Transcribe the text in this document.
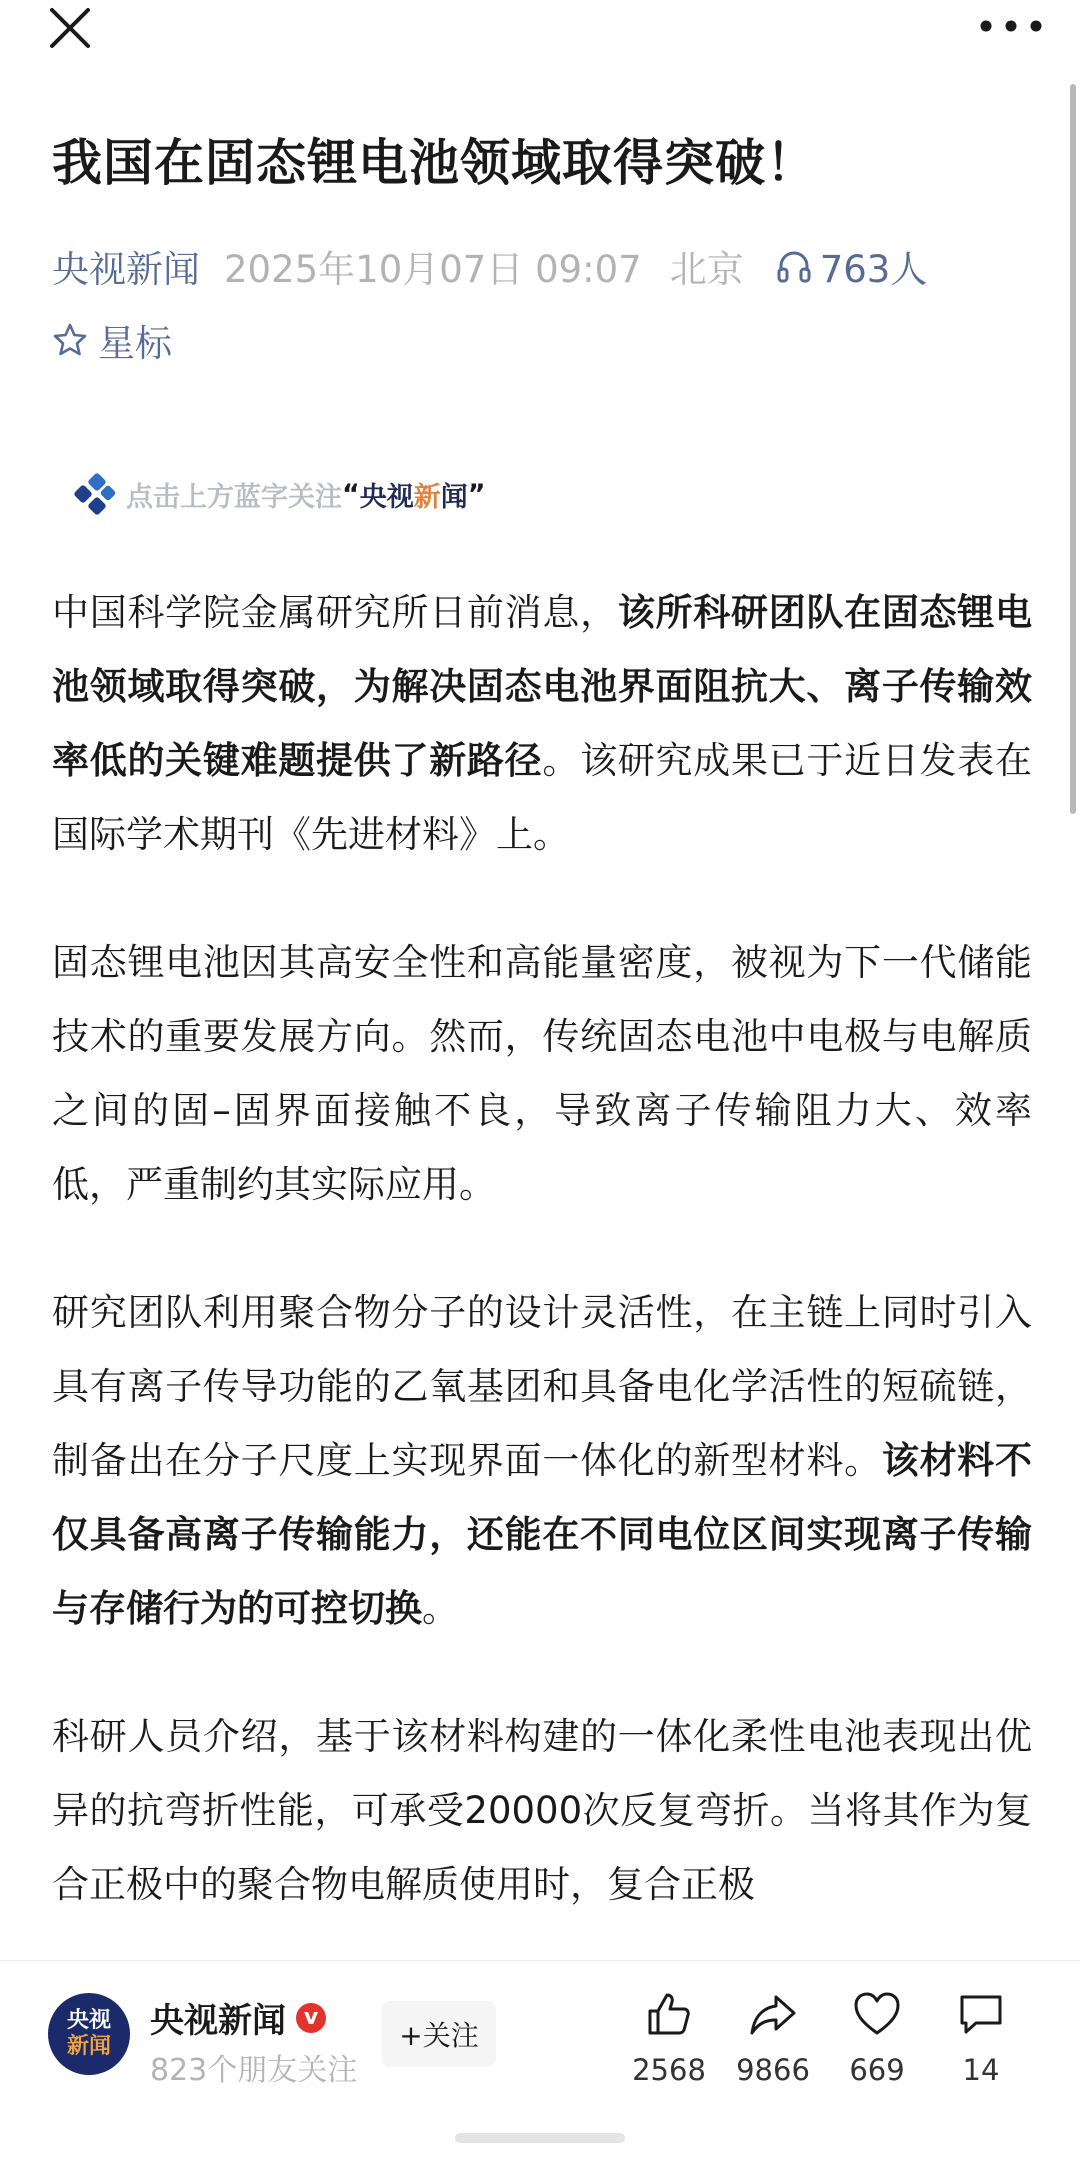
我国在固态锂电池领域取得突破！
央视新闻 2025年10月07日 09:07 北京 763人
星标
点击上方蓝字关注 “ 央视 新 闻 ”

中国科学院金属研究所日前消息，该所科研团队在固态锂电池领域取得突破，为解决固态电池界面阻抗大、离子传输效率低的关键难题提供了新路径。该研究成果已于近日发表在国际学术期刊《先进材料》上。

固态锂电池因其高安全性和高能量密度，被视为下一代储能技术的重要发展方向。然而，传统固态电池中电极与电解质之间的固–固界面接触不良，导致离子传输阻力大、效率低，严重制约其实际应用。

研究团队利用聚合物分子的设计灵活性，在主链上同时引入具有离子传导功能的乙氧基团和具备电化学活性的短硫链，制备出在分子尺度上实现界面一体化的新型材料。该材料不仅具备高离子传输能力，还能在不同电位区间实现离子传输与存储行为的可控切换。

科研人员介绍，基于该材料构建的一体化柔性电池表现出优异的抗弯折性能，可承受20000次反复弯折。当将其作为复合正极中的聚合物电解质使用时，复合正极

央视
新闻
央视新闻 v
823个朋友关注
+关注
2568 9866 669 14
